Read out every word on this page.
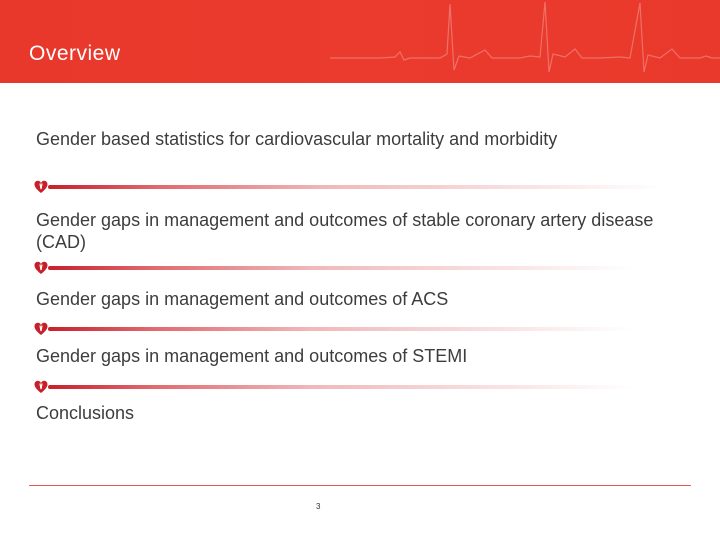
Overview
Gender based statistics for cardiovascular mortality and morbidity
Gender gaps in management and outcomes of stable coronary artery disease (CAD)
Gender gaps in management and outcomes of ACS
Gender gaps in management and outcomes of STEMI
Conclusions
3
